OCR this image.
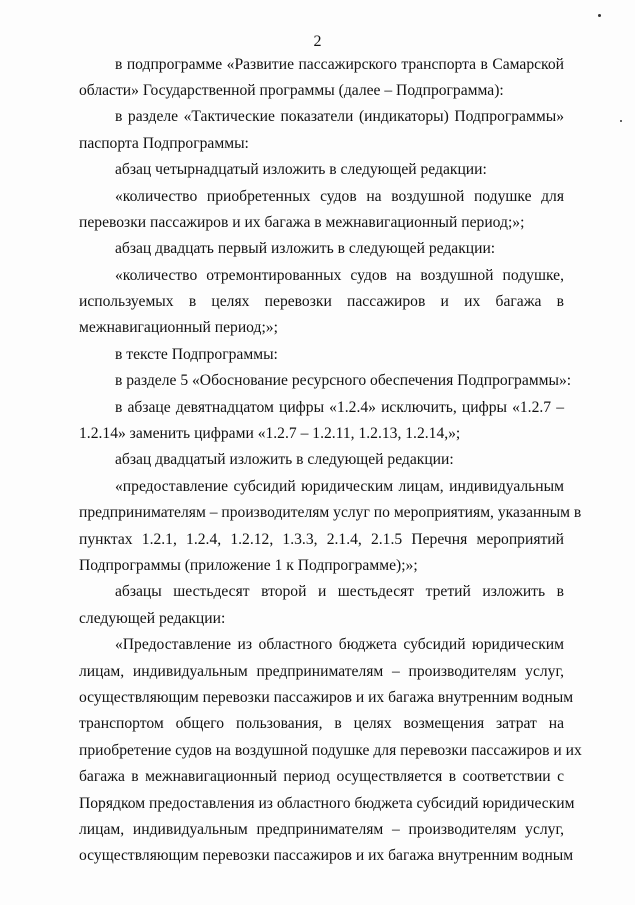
2
в подпрограмме «Развитие пассажирского транспорта в Самарской
области» Государственной программы (далее – Подпрограмма):
в разделе «Тактические показатели (индикаторы) Подпрограммы»
паспорта Подпрограммы:
абзац четырнадцатый изложить в следующей редакции:
«количество приобретенных судов на воздушной подушке для
перевозки пассажиров и их багажа в межнавигационный период;»;
абзац двадцать первый изложить в следующей редакции:
«количество отремонтированных судов на воздушной подушке,
используемых в целях перевозки пассажиров и их багажа в
межнавигационный период;»;
в тексте Подпрограммы:
в разделе 5 «Обоснование ресурсного обеспечения Подпрограммы»:
в абзаце девятнадцатом цифры «1.2.4» исключить, цифры «1.2.7 –
1.2.14» заменить цифрами «1.2.7 – 1.2.11, 1.2.13, 1.2.14,»;
абзац двадцатый изложить в следующей редакции:
«предоставление субсидий юридическим лицам, индивидуальным
предпринимателям – производителям услуг по мероприятиям, указанным в
пунктах 1.2.1, 1.2.4, 1.2.12, 1.3.3, 2.1.4, 2.1.5 Перечня мероприятий
Подпрограммы (приложение 1 к Подпрограмме);»;
абзацы шестьдесят второй и шестьдесят третий изложить в
следующей редакции:
«Предоставление из областного бюджета субсидий юридическим
лицам, индивидуальным предпринимателям – производителям услуг,
осуществляющим перевозки пассажиров и их багажа внутренним водным
транспортом общего пользования, в целях возмещения затрат на
приобретение судов на воздушной подушке для перевозки пассажиров и их
багажа в межнавигационный период осуществляется в соответствии с
Порядком предоставления из областного бюджета субсидий юридическим
лицам, индивидуальным предпринимателям – производителям услуг,
осуществляющим перевозки пассажиров и их багажа внутренним водным
